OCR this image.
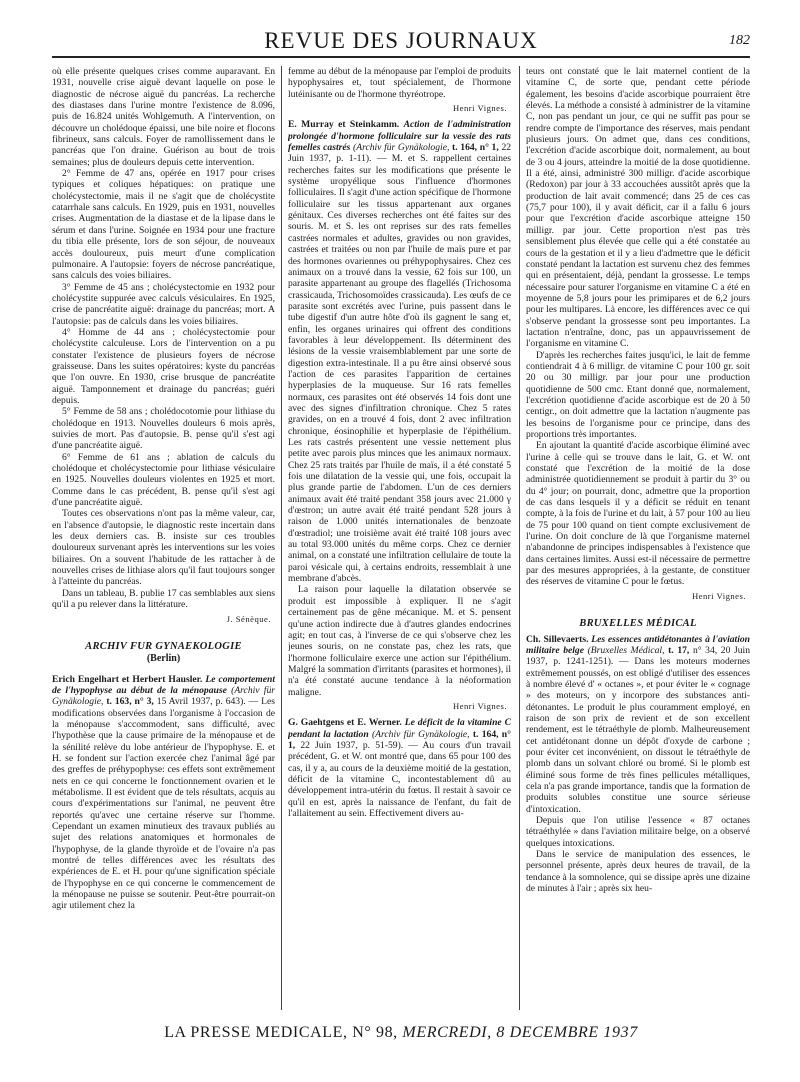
REVUE DES JOURNAUX	182

où elle présente quelques crises comme auparavant. En 1931, nouvelle crise aiguë devant laquelle on pose le diagnostic de nécrose aiguë du pancréas. La recherche des diastases dans l'urine montre l'existence de 8.096, puis de 16.824 unités Wohlgemuth. A l'intervention, on découvre un cholédoque épaissi, une bile noire et flocons fibrineux, sans calculs. Foyer de ramollissement dans le pancréas que l'on draine. Guérison au bout de trois semaines; plus de douleurs depuis cette intervention.

2° Femme de 47 ans, opérée en 1917 pour crises typiques et coliques hépatiques: on pratique une cholécystectomie, mais il ne s'agit que de cholécystite catarrhale sans calculs. En 1929, puis en 1931, nouvelles crises. Augmentation de la diastase et de la lipase dans le sérum et dans l'urine. Soignée en 1934 pour une fracture du tibia elle présente, lors de son séjour, de nouveaux accès douloureux, puis meurt d'une complication pulmonaire. A l'autopsie: foyers de nécrose pancréatique, sans calculs des voies biliaires.

3° Femme de 45 ans ; cholécystectomie en 1932 pour cholécystite suppurée avec calculs vésiculaires. En 1925, crise de pancréatite aiguë: drainage du pancréas; mort. A l'autopsie: pas de calculs dans les voies biliaires.

4° Homme de 44 ans ; cholécystectomie pour cholécystite calculeuse. Lors de l'intervention on a pu constater l'existence de plusieurs foyers de nécrose graisseuse. Dans les suites opératoires: kyste du pancréas que l'on ouvre. En 1930, crise brusque de pancréatite aiguë. Tamponnement et drainage du pancréas; guéri depuis.

5° Femme de 58 ans ; cholédocotomie pour lithiase du cholédoque en 1913. Nouvelles douleurs 6 mois après, suivies de mort. Pas d'autopsie. B. pense qu'il s'est agi d'une pancréatite aiguë.

6° Femme de 61 ans ; ablation de calculs du cholédoque et cholécystectomie pour lithiase vésiculaire en 1925. Nouvelles douleurs violentes en 1925 et mort. Comme dans le cas précédent, B. pense qu'il s'est agi d'une pancréatite aiguë.

Toutes ces observations n'ont pas la même valeur, car, en l'absence d'autopsie, le diagnostic reste incertain dans les deux derniers cas. B. insiste sur ces troubles douloureux survenant après les interventions sur les voies biliaires. On a souvent l'habitude de les rattacher à de nouvelles crises de lithiase alors qu'il faut toujours songer à l'atteinte du pancréas.

Dans un tableau, B. publie 17 cas semblables aux siens qu'il a pu relever dans la littérature.

J. Sénèque.
ARCHIV FUR GYNAEKOLOGIE
(Berlin)

Erich Engelhart et Herbert Hausler. Le comportement de l'hypophyse au début de la ménopause (Archiv für Gynäkologie, t. 163, n° 3, 15 Avril 1937, p. 643). — Les modifications observées dans l'organisme à l'occasion de la ménopause s'accommodent, sans difficulté, avec l'hypothèse que la cause primaire de la ménopause et de la sénilité relève du lobe antérieur de l'hypophyse. E. et H. se fondent sur l'action exercée chez l'animal âgé par des greffes de préhypophyse: ces effets sont extrêmement nets en ce qui concerne le fonctionnement ovarien et le métabolisme. Il est évident que de tels résultats, acquis au cours d'expérimentations sur l'animal, ne peuvent être reportés qu'avec une certaine réserve sur l'homme. Cependant un examen minutieux des travaux publiés au sujet des relations anatomiques et hormonales de l'hypophyse, de la glande thyroïde et de l'ovaire n'a pas montré de telles différences avec les résultats des expériences de E. et H. pour qu'une signification spéciale de l'hypophyse en ce qui concerne le commencement de la ménopause ne puisse se soutenir. Peut-être pourrait-on agir utilement chez la

femme au début de la ménopause par l'emploi de produits hypophysaires et, tout spécialement, de l'hormone lutéinisante ou de l'hormone thyréotrope.

Henri Vignes.

E. Murray et Steinkamm. Action de l'administration prolongée d'hormone folliculaire sur la vessie des rats femelles castrés (Archiv für Gynäkologie, t. 164, n° 1, 22 Juin 1937, p. 1-11). — M. et S. rappellent certaines recherches faites sur les modifications que présente le système uropyélique sous l'influence d'hormones folliculaires. Il s'agit d'une action spécifique de l'hormone folliculaire sur les tissus appartenant aux organes génitaux. Ces diverses recherches ont été faites sur des souris. M. et S. les ont reprises sur des rats femelles castrées normales et adultes, gravides ou non gravides, castrées et traitées ou non par l'huile de maïs pure et par des hormones ovariennes ou préhypophysaires. Chez ces animaux on a trouvé dans la vessie, 62 fois sur 100, un parasite appartenant au groupe des flagellés (Trichosoma crassicauda, Trichosomoïdes crassicauda). Les œufs de ce parasite sont excrétés avec l'urine, puis passent dans le tube digestif d'un autre hôte d'où ils gagnent le sang et, enfin, les organes urinaires qui offrent des conditions favorables à leur développement. Ils déterminent des lésions de la vessie vraisemblablement par une sorte de digestion extra-intestinale. Il a pu être ainsi observé sous l'action de ces parasites l'apparition de certaines hyperplasies de la muqueuse. Sur 16 rats femelles normaux, ces parasites ont été observés 14 fois dont une avec des signes d'infiltration chronique. Chez 5 rates gravides, on en a trouvé 4 fois, dont 2 avec infiltration chronique, éosinophilie et hyperplasie de l'épithélium. Les rats castrés présentent une vessie nettement plus petite avec parois plus minces que les animaux normaux. Chez 25 rats traités par l'huile de maïs, il a été constaté 5 fois une dilatation de la vessie qui, une fois, occupait la plus grande partie de l'abdomen. L'un de ces derniers animaux avait été traité pendant 358 jours avec 21.000 γ d'œstron; un autre avait été traité pendant 528 jours à raison de 1.000 unités internationales de benzoate d'œstradiol; une troisième avait été traité 108 jours avec au total 93.000 unités du même corps. Chez ce dernier animal, on a constaté une infiltration cellulaire de toute la paroi vésicale qui, à certains endroits, ressemblait à une membrane d'abcès.

La raison pour laquelle la dilatation observée se produit est impossible à expliquer. Il ne s'agit certainement pas de gêne mécanique. M. et S. pensent qu'une action indirecte due à d'autres glandes endocrines agit; en tout cas, à l'inverse de ce qui s'observe chez les jeunes souris, on ne constate pas, chez les rats, que l'hormone folliculaire exerce une action sur l'épithélium. Malgré la sommation d'irritants (parasites et hormones), il n'a été constaté aucune tendance à la néoformation maligne.

Henri Vignes.

G. Gaehtgens et E. Werner. Le déficit de la vitamine C pendant la lactation (Archiv für Gynäkologie, t. 164, n° 1, 22 Juin 1937, p. 51-59). — Au cours d'un travail précédent, G. et W. ont montré que, dans 65 pour 100 des cas, il y a, au cours de la deuxième moitié de la gestation, déficit de la vitamine C, incontestablement dû au développement intra-utérin du fœtus. Il restait à savoir ce qu'il en est, après la naissance de l'enfant, du fait de l'allaitement au sein. Effectivement divers au-

teurs ont constaté que le lait maternel contient de la vitamine C, de sorte que, pendant cette période également, les besoins d'acide ascorbique pourraient être élevés. La méthode a consisté à administrer de la vitamine C, non pas pendant un jour, ce qui ne suffit pas pour se rendre compte de l'importance des réserves, mais pendant plusieurs jours. On admet que, dans ces conditions, l'excrétion d'acide ascorbique doit, normalement, au bout de 3 ou 4 jours, atteindre la moitié de la dose quotidienne. Il a été, ainsi, administré 300 milligr. d'acide ascorbique (Redoxon) par jour à 33 accouchées aussitôt après que la production de lait avait commencé; dans 25 de ces cas (75,7 pour 100), il y avait déficit, car il a fallu 6 jours pour que l'excrétion d'acide ascorbique atteigne 150 milligr. par jour. Cette proportion n'est pas très sensiblement plus élevée que celle qui a été constatée au cours de la gestation et il y a lieu d'admettre que le déficit constaté pendant la lactation est survenu chez des femmes qui en présentaient, déjà, pendant la grossesse. Le temps nécessaire pour saturer l'organisme en vitamine C a été en moyenne de 5,8 jours pour les primipares et de 6,2 jours pour les multipares. Là encore, les différences avec ce qui s'observe pendant la grossesse sont peu importantes. La lactation n'entraîne, donc, pas un appauvrissement de l'organisme en vitamine C.

D'après les recherches faites jusqu'ici, le lait de femme contiendrait 4 à 6 milligr. de vitamine C pour 100 gr. soit 20 ou 30 milligr. par jour pour une production quotidienne de 500 cmc. Etant donné que, normalement, l'excrétion quotidienne d'acide ascorbique est de 20 à 50 centigr., on doit admettre que la lactation n'augmente pas les besoins de l'organisme pour ce principe, dans des proportions très importantes.

En ajoutant la quantité d'acide ascorbique éliminé avec l'urine à celle qui se trouve dans le lait, G. et W. ont constaté que l'excrétion de la moitié de la dose administrée quotidiennement se produit à partir du 3° ou du 4° jour; on pourrait, donc, admettre que la proportion de cas dans lesquels il y a déficit se réduit en tenant compte, à la fois de l'urine et du lait, à 57 pour 100 au lieu de 75 pour 100 quand on tient compte exclusivement de l'urine. On doit conclure de là que l'organisme maternel n'abandonne de principes indispensables à l'existence que dans certaines limites. Aussi est-il nécessaire de permettre par des mesures appropriées, à la gestante, de constituer des réserves de vitamine C pour le fœtus.

Henri Vignes.
BRUXELLES MÉDICAL

Ch. Sillevaerts. Les essences antidétonantes à l'aviation militaire belge (Bruxelles Médical, t. 17, n° 34, 20 Juin 1937, p. 1241-1251). — Dans les moteurs modernes extrêmement poussés, on est obligé d'utiliser des essences à nombre élevé d' « octanes », et pour éviter le « cognage » des moteurs, on y incorpore des substances anti-détonantes. Le produit le plus couramment employé, en raison de son prix de revient et de son excellent rendement, est le tétraéthyle de plomb. Malheureusement cet antidétonant donne un dépôt d'oxyde de carbone ; pour éviter cet inconvénient, on dissout le tétraéthyle de plomb dans un solvant chloré ou bromé. Si le plomb est éliminé sous forme de très fines pellicules métalliques, cela n'a pas grande importance, tandis que la formation de produits solubles constitue une source sérieuse d'intoxication.

Depuis que l'on utilise l'essence « 87 octanes tétraéthylée » dans l'aviation militaire belge, on a observé quelques intoxications.

Dans le service de manipulation des essences, le personnel présente, après deux heures de travail, de la tendance à la somnolence, qui se dissipe après une dizaine de minutes à l'air ; après six heu-

LA PRESSE MEDICALE, N° 98, MERCREDI, 8 DECEMBRE 1937
